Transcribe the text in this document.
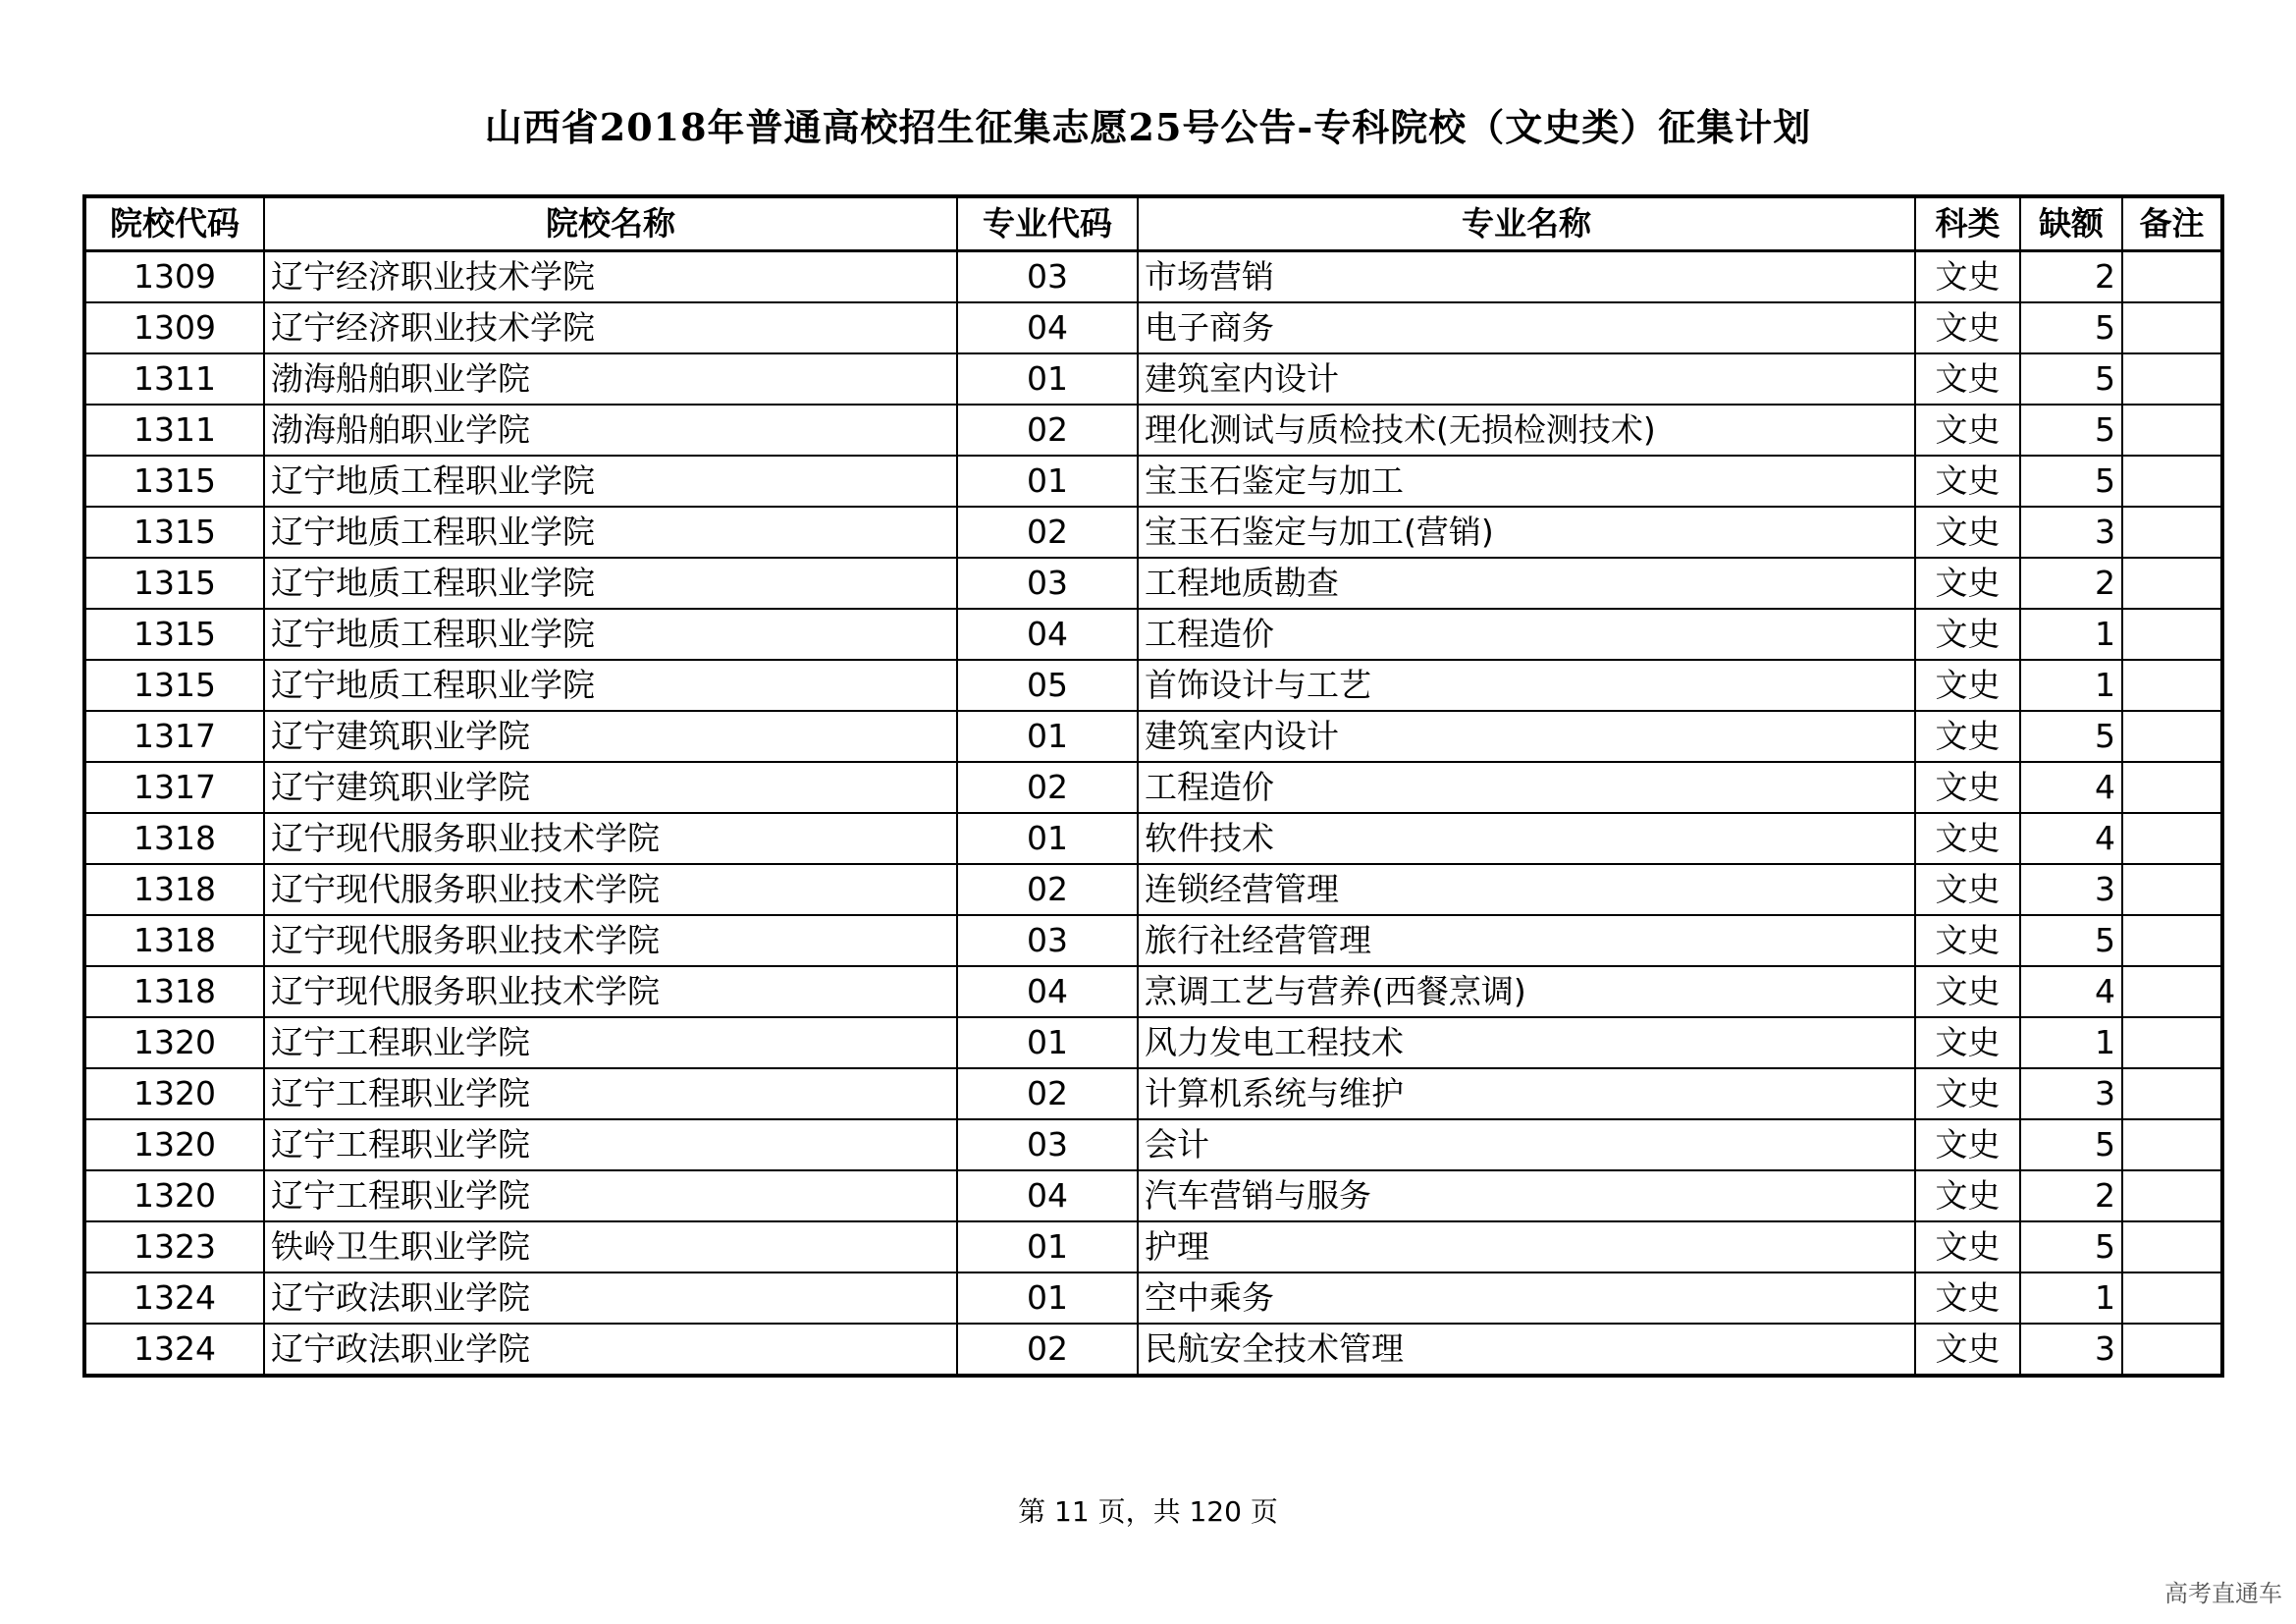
山西省2018年普通高校招生征集志愿25号公告-专科院校（文史类）征集计划
院校代码	院校名称	专业代码	专业名称	科类	缺额	备注
1309	辽宁经济职业技术学院	03	市场营销	文史	2	
1309	辽宁经济职业技术学院	04	电子商务	文史	5	
1311	渤海船舶职业学院	01	建筑室内设计	文史	5	
1311	渤海船舶职业学院	02	理化测试与质检技术(无损检测技术)	文史	5	
1315	辽宁地质工程职业学院	01	宝玉石鉴定与加工	文史	5	
1315	辽宁地质工程职业学院	02	宝玉石鉴定与加工(营销)	文史	3	
1315	辽宁地质工程职业学院	03	工程地质勘查	文史	2	
1315	辽宁地质工程职业学院	04	工程造价	文史	1	
1315	辽宁地质工程职业学院	05	首饰设计与工艺	文史	1	
1317	辽宁建筑职业学院	01	建筑室内设计	文史	5	
1317	辽宁建筑职业学院	02	工程造价	文史	4	
1318	辽宁现代服务职业技术学院	01	软件技术	文史	4	
1318	辽宁现代服务职业技术学院	02	连锁经营管理	文史	3	
1318	辽宁现代服务职业技术学院	03	旅行社经营管理	文史	5	
1318	辽宁现代服务职业技术学院	04	烹调工艺与营养(西餐烹调)	文史	4	
1320	辽宁工程职业学院	01	风力发电工程技术	文史	1	
1320	辽宁工程职业学院	02	计算机系统与维护	文史	3	
1320	辽宁工程职业学院	03	会计	文史	5	
1320	辽宁工程职业学院	04	汽车营销与服务	文史	2	
1323	铁岭卫生职业学院	01	护理	文史	5	
1324	辽宁政法职业学院	01	空中乘务	文史	1	
1324	辽宁政法职业学院	02	民航安全技术管理	文史	3	
第 11 页，共 120 页
高考直通车
